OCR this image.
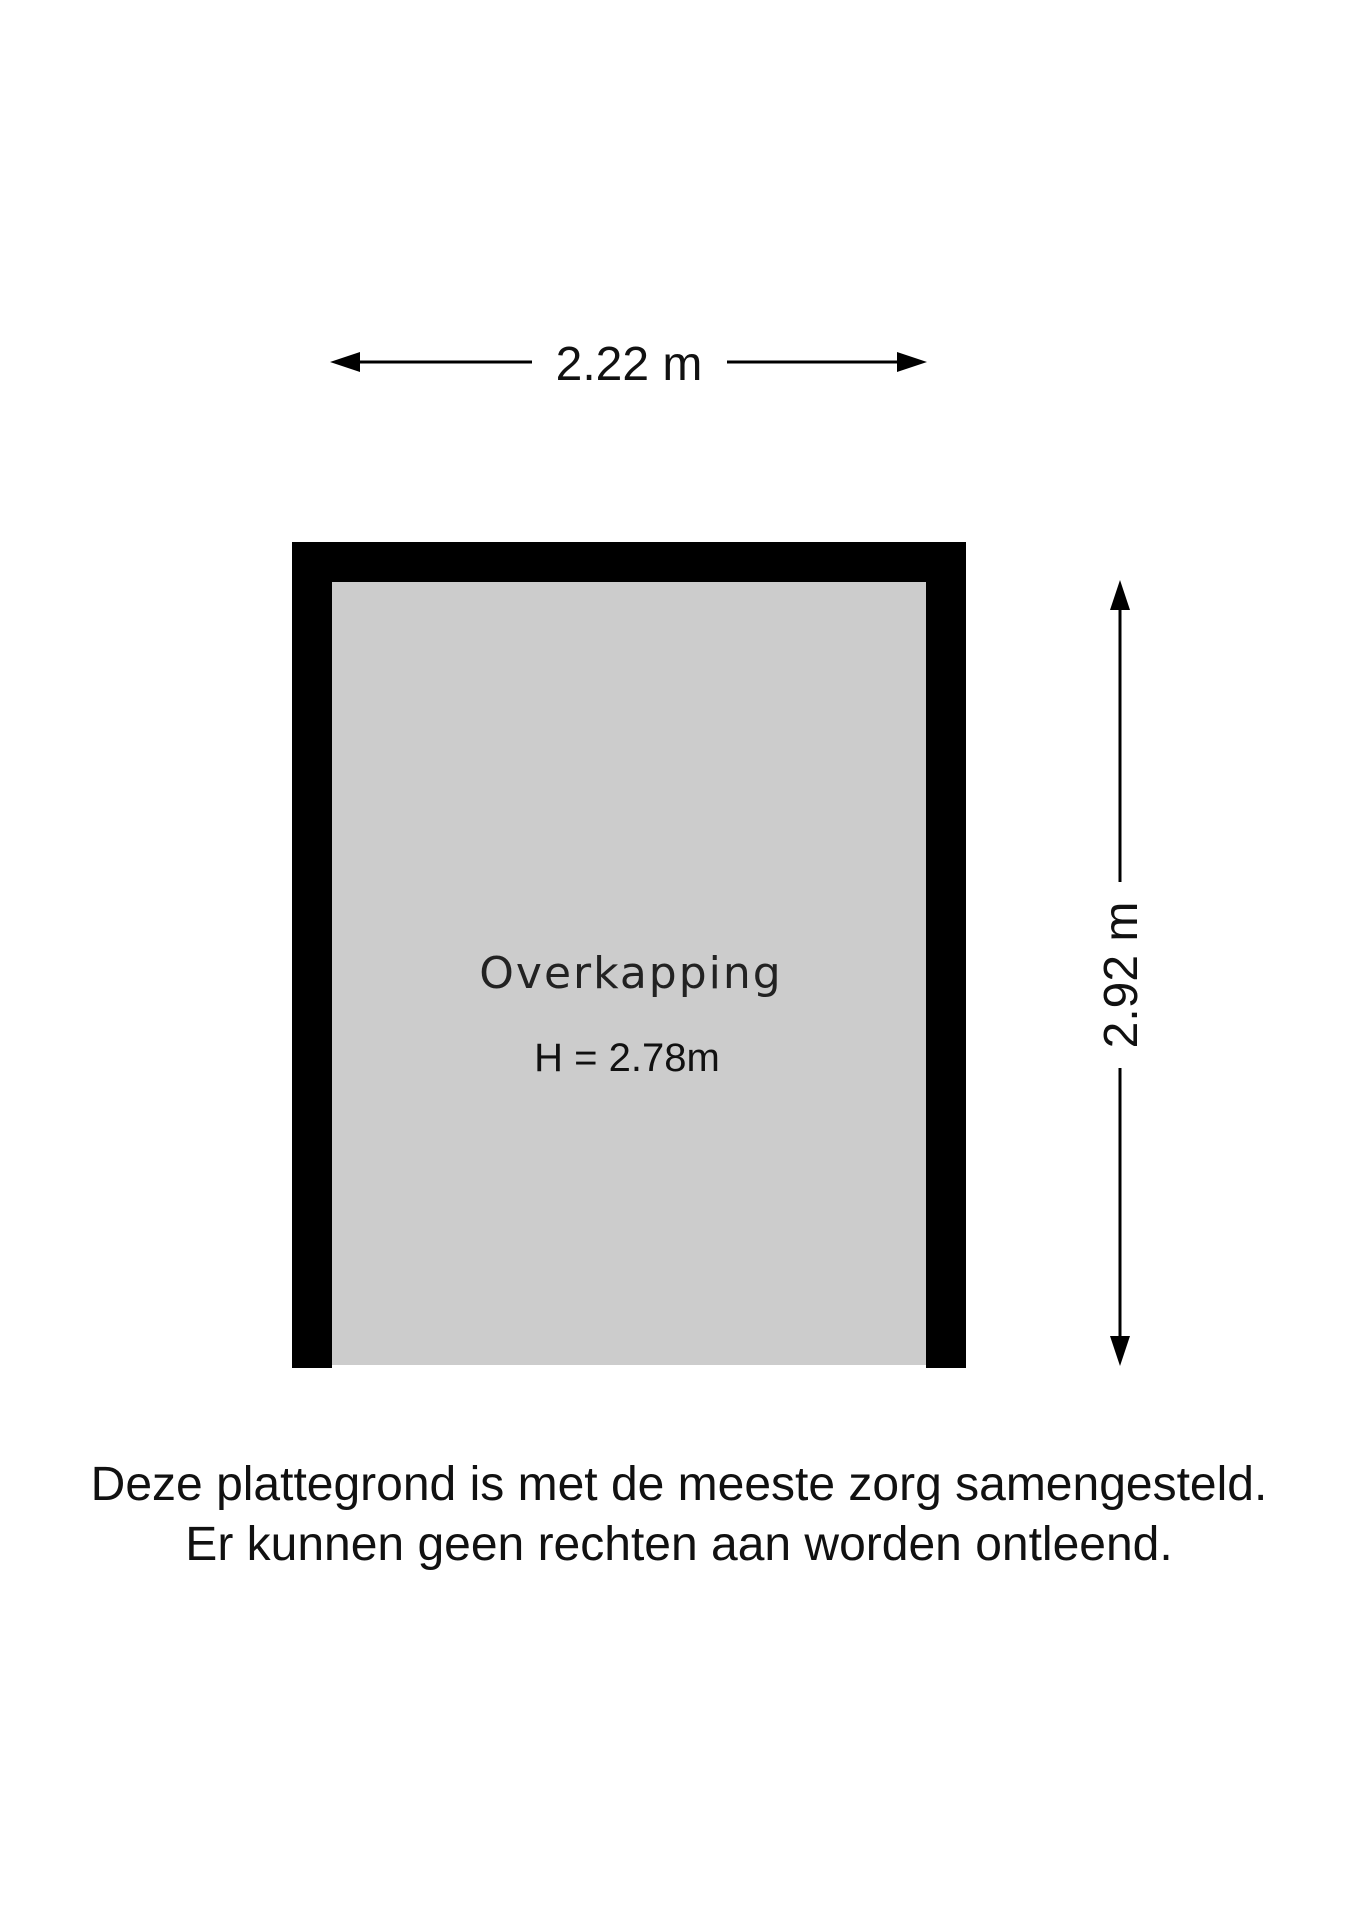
2.22 m
Overkapping
H = 2.78m
2.92 m
Deze plattegrond is met de meeste zorg samengesteld.
Er kunnen geen rechten aan worden ontleend.
